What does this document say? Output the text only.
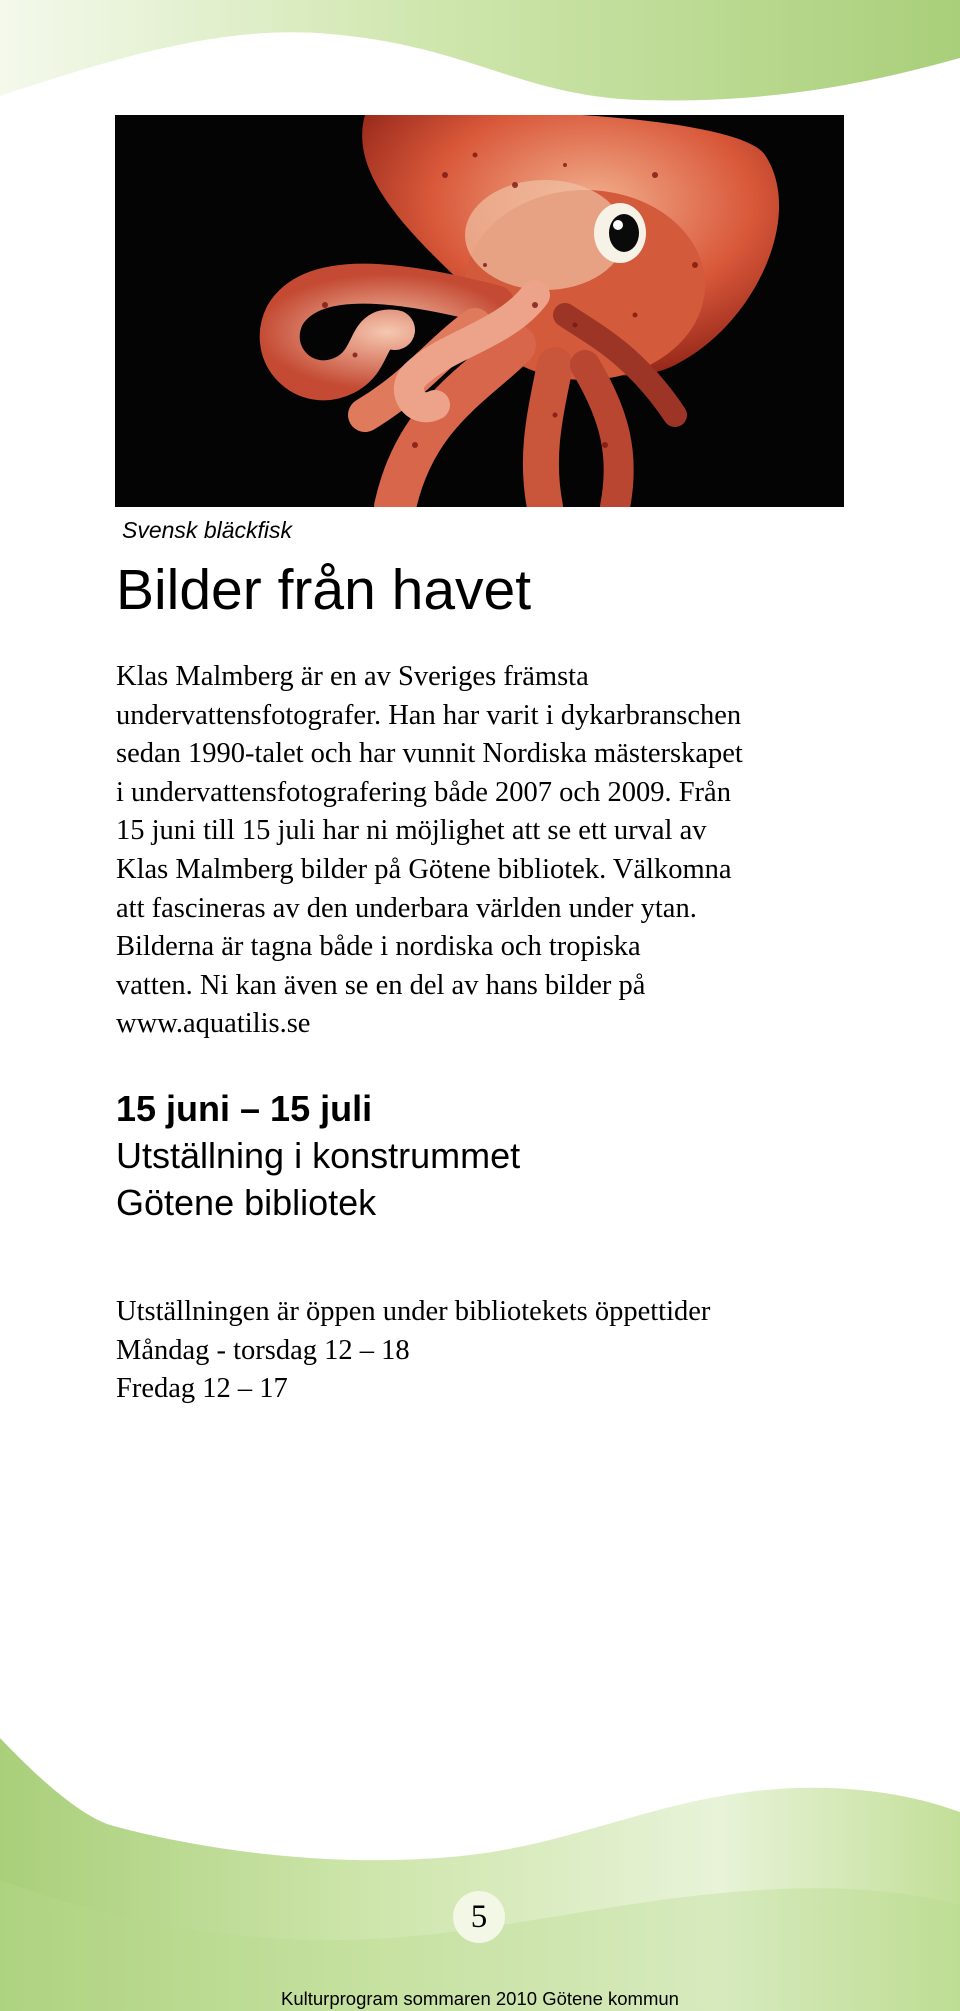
Svensk bläckfisk
Bilder från havet
Klas Malmberg är en av Sveriges främsta
undervattensfotografer. Han har varit i dykarbranschen
sedan 1990-talet och har vunnit Nordiska mästerskapet
i undervattensfotografering både 2007 och 2009. Från
15 juni till 15 juli har ni möjlighet att se ett urval av
Klas Malmberg bilder på Götene bibliotek. Välkomna
att fascineras av den underbara världen under ytan.
Bilderna är tagna både i nordiska och tropiska
vatten. Ni kan även se en del av hans bilder på
www.aquatilis.se
15 juni – 15 juli
Utställning i konstrummet
Götene bibliotek
Utställningen är öppen under bibliotekets öppettider
Måndag - torsdag 12 – 18
Fredag 12 – 17
5
Kulturprogram sommaren 2010 Götene kommun
